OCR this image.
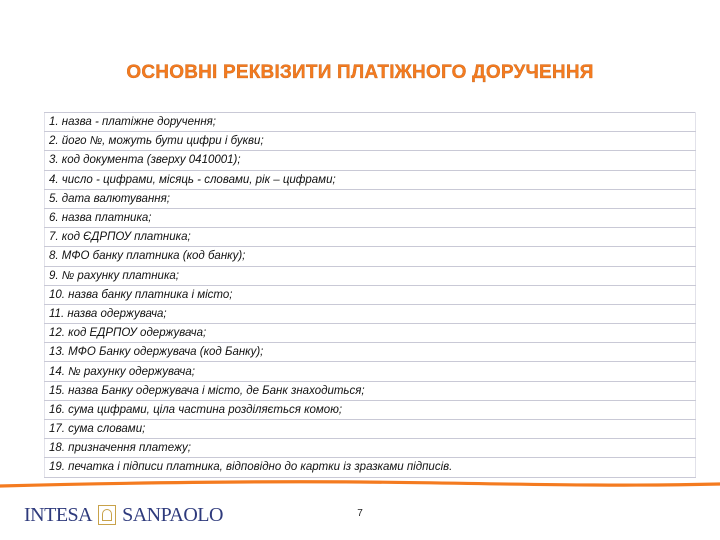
ОСНОВНІ РЕКВІЗИТИ ПЛАТІЖНОГО ДОРУЧЕННЯ
1. назва - платіжне доручення;
2. його №, можуть бути цифри і букви;
3. код документа (зверху 0410001);
4. число - цифрами, місяць - словами, рік – цифрами;
5. дата валютування;
6. назва платника;
7. код ЄДРПОУ платника;
8. МФО банку платника (код банку);
9. № рахунку платника;
10. назва банку платника і місто;
11. назва одержувача;
12. код ЕДРПОУ одержувача;
13. МФО Банку одержувача (код Банку);
14. № рахунку одержувача;
15. назва Банку одержувача і місто, де Банк знаходиться;
16. сума цифрами, ціла частина розділяється комою;
17. сума словами;
18. призначення платежу;
19. печатка і підписи платника, відповідно до картки із зразками підписів.
INTESA SANPAOLO	7
